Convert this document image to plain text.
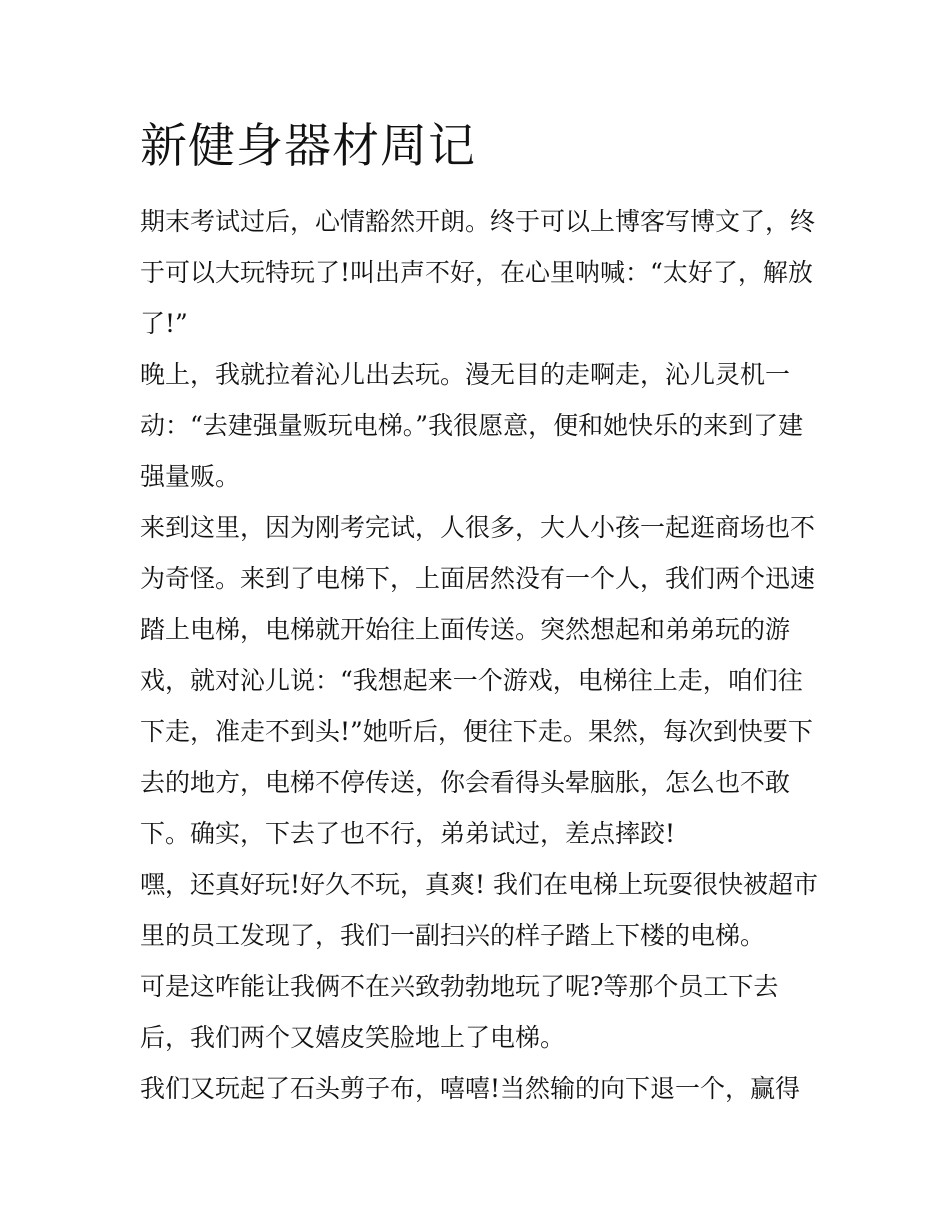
新健身器材周记
期末考试过后，心情豁然开朗。终于可以上博客写博文了，终
于可以大玩特玩了!叫出声不好，在心里呐喊：“太好了，解放
了!”
晚上，我就拉着沁儿出去玩。漫无目的走啊走，沁儿灵机一
动：“去建强量贩玩电梯。”我很愿意，便和她快乐的来到了建
强量贩。
来到这里，因为刚考完试，人很多，大人小孩一起逛商场也不
为奇怪。来到了电梯下，上面居然没有一个人，我们两个迅速
踏上电梯，电梯就开始往上面传送。突然想起和弟弟玩的游
戏，就对沁儿说：“我想起来一个游戏，电梯往上走，咱们往
下走，准走不到头!”她听后，便往下走。果然，每次到快要下
去的地方，电梯不停传送，你会看得头晕脑胀，怎么也不敢
下。确实，下去了也不行，弟弟试过，差点摔跤!
嘿，还真好玩!好久不玩，真爽! 我们在电梯上玩耍很快被超市
里的员工发现了，我们一副扫兴的样子踏上下楼的电梯。
可是这咋能让我俩不在兴致勃勃地玩了呢?等那个员工下去
后，我们两个又嬉皮笑脸地上了电梯。
我们又玩起了石头剪子布，嘻嘻!当然输的向下退一个，赢得
